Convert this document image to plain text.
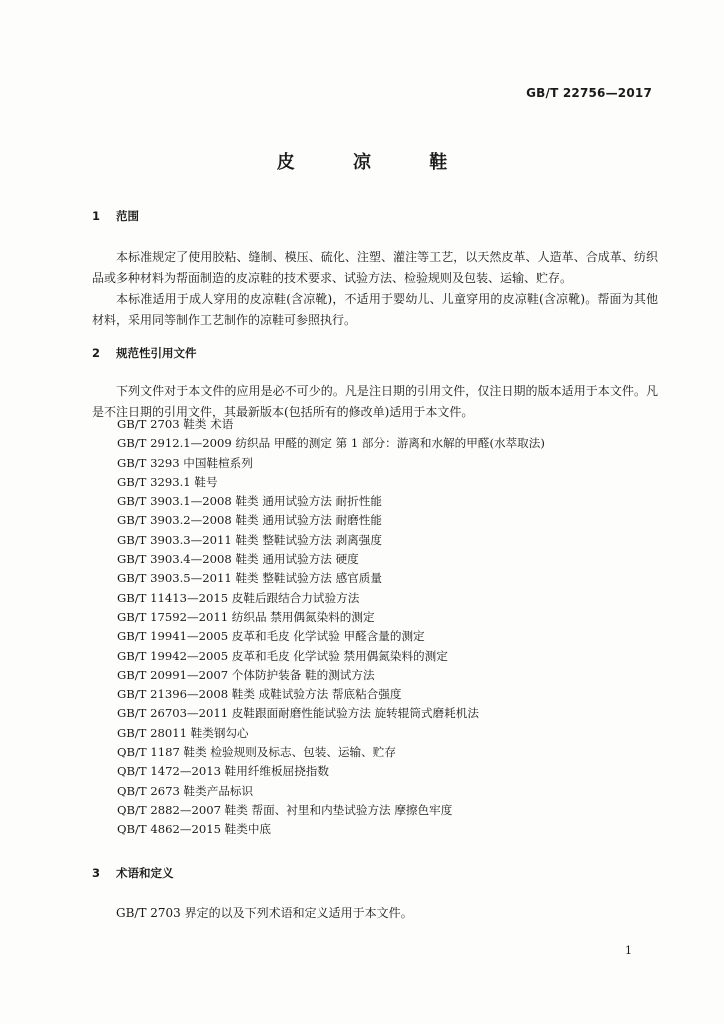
GB/T 22756—2017
皮 凉 鞋
1 范围
本标准规定了使用胶粘、缝制、模压、硫化、注塑、灌注等工艺，以天然皮革、人造革、合成革、纺织品或多种材料为帮面制造的皮凉鞋的技术要求、试验方法、检验规则及包装、运输、贮存。
本标准适用于成人穿用的皮凉鞋(含凉靴)，不适用于婴幼儿、儿童穿用的皮凉鞋(含凉靴)。帮面为其他材料，采用同等制作工艺制作的凉鞋可参照执行。
2 规范性引用文件
下列文件对于本文件的应用是必不可少的。凡是注日期的引用文件，仅注日期的版本适用于本文件。凡是不注日期的引用文件，其最新版本(包括所有的修改单)适用于本文件。
GB/T 2703 鞋类 术语
GB/T 2912.1—2009 纺织品 甲醛的测定 第 1 部分：游离和水解的甲醛(水萃取法)
GB/T 3293 中国鞋楦系列
GB/T 3293.1 鞋号
GB/T 3903.1—2008 鞋类 通用试验方法 耐折性能
GB/T 3903.2—2008 鞋类 通用试验方法 耐磨性能
GB/T 3903.3—2011 鞋类 整鞋试验方法 剥离强度
GB/T 3903.4—2008 鞋类 通用试验方法 硬度
GB/T 3903.5—2011 鞋类 整鞋试验方法 感官质量
GB/T 11413—2015 皮鞋后跟结合力试验方法
GB/T 17592—2011 纺织品 禁用偶氮染料的测定
GB/T 19941—2005 皮革和毛皮 化学试验 甲醛含量的测定
GB/T 19942—2005 皮革和毛皮 化学试验 禁用偶氮染料的测定
GB/T 20991—2007 个体防护装备 鞋的测试方法
GB/T 21396—2008 鞋类 成鞋试验方法 帮底粘合强度
GB/T 26703—2011 皮鞋跟面耐磨性能试验方法 旋转辊筒式磨耗机法
GB/T 28011 鞋类钢勾心
QB/T 1187 鞋类 检验规则及标志、包装、运输、贮存
QB/T 1472—2013 鞋用纤维板屈挠指数
QB/T 2673 鞋类产品标识
QB/T 2882—2007 鞋类 帮面、衬里和内垫试验方法 摩擦色牢度
QB/T 4862—2015 鞋类中底
3 术语和定义
GB/T 2703 界定的以及下列术语和定义适用于本文件。
1
